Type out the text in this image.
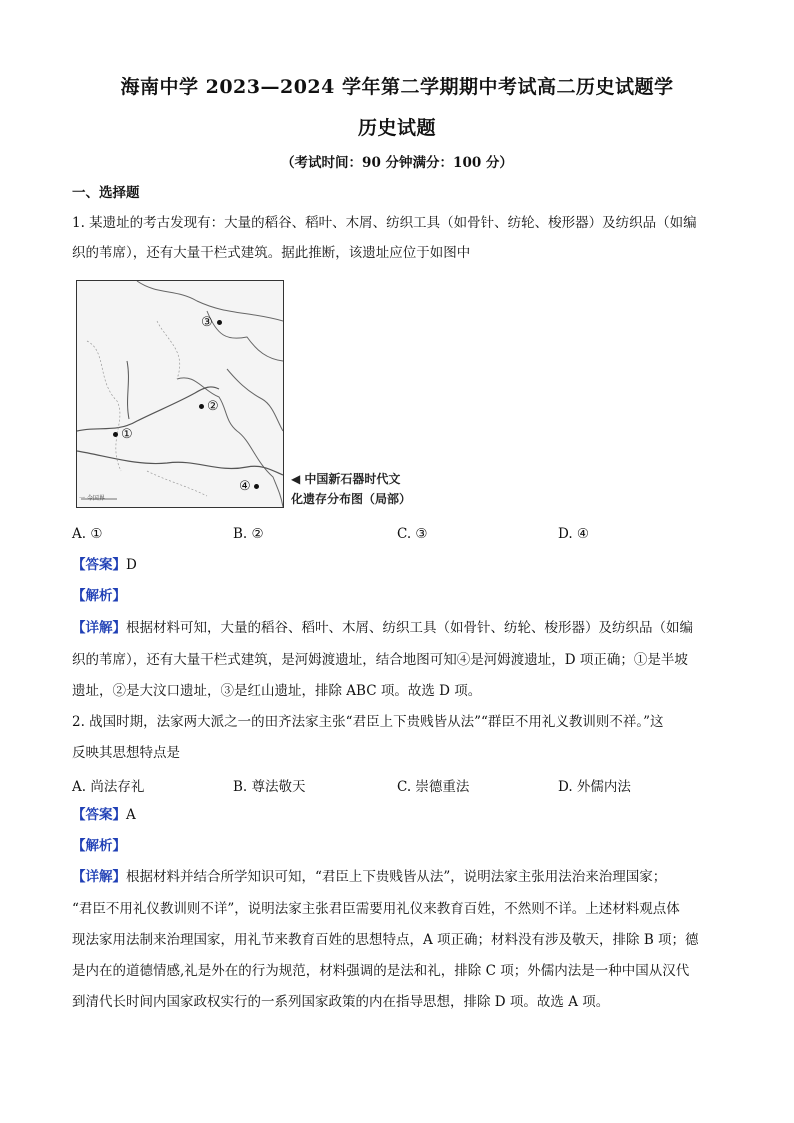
海南中学 2023—2024 学年第二学期期中考试高二历史试题学
历史试题
（考试时间：90 分钟满分：100 分）
一、选择题
1. 某遗址的考古发现有：大量的稻谷、稻叶、木屑、纺织工具（如骨针、纺轮、梭形器）及纺织品（如编
织的苇席），还有大量干栏式建筑。据此推断，该遗址应位于如图中
③
②
①
④
一 今国界
◀ 中国新石器时代文
化遗存分布图（局部）
A. ①	B. ②	C. ③	D. ④
【答案】D
【解析】
【详解】根据材料可知，大量的稻谷、稻叶、木屑、纺织工具（如骨针、纺轮、梭形器）及纺织品（如编
织的苇席），还有大量干栏式建筑，是河姆渡遗址，结合地图可知④是河姆渡遗址，D 项正确；①是半坡
遗址，②是大汶口遗址，③是红山遗址，排除 ABC 项。故选 D 项。
2. 战国时期，法家两大派之一的田齐法家主张“君臣上下贵贱皆从法”“群臣不用礼义教训则不祥。”这
反映其思想特点是
A. 尚法存礼	B. 尊法敬天	C. 崇德重法	D. 外儒内法
【答案】A
【解析】
【详解】根据材料并结合所学知识可知，“君臣上下贵贱皆从法”，说明法家主张用法治来治理国家；
“君臣不用礼仪教训则不详”，说明法家主张君臣需要用礼仪来教育百姓，不然则不详。上述材料观点体
现法家用法制来治理国家，用礼节来教育百姓的思想特点，A 项正确；材料没有涉及敬天，排除 B 项；德
是内在的道德情感,礼是外在的行为规范，材料强调的是法和礼，排除 C 项；外儒内法是一种中国从汉代
到清代长时间内国家政权实行的一系列国家政策的内在指导思想，排除 D 项。故选 A 项。
